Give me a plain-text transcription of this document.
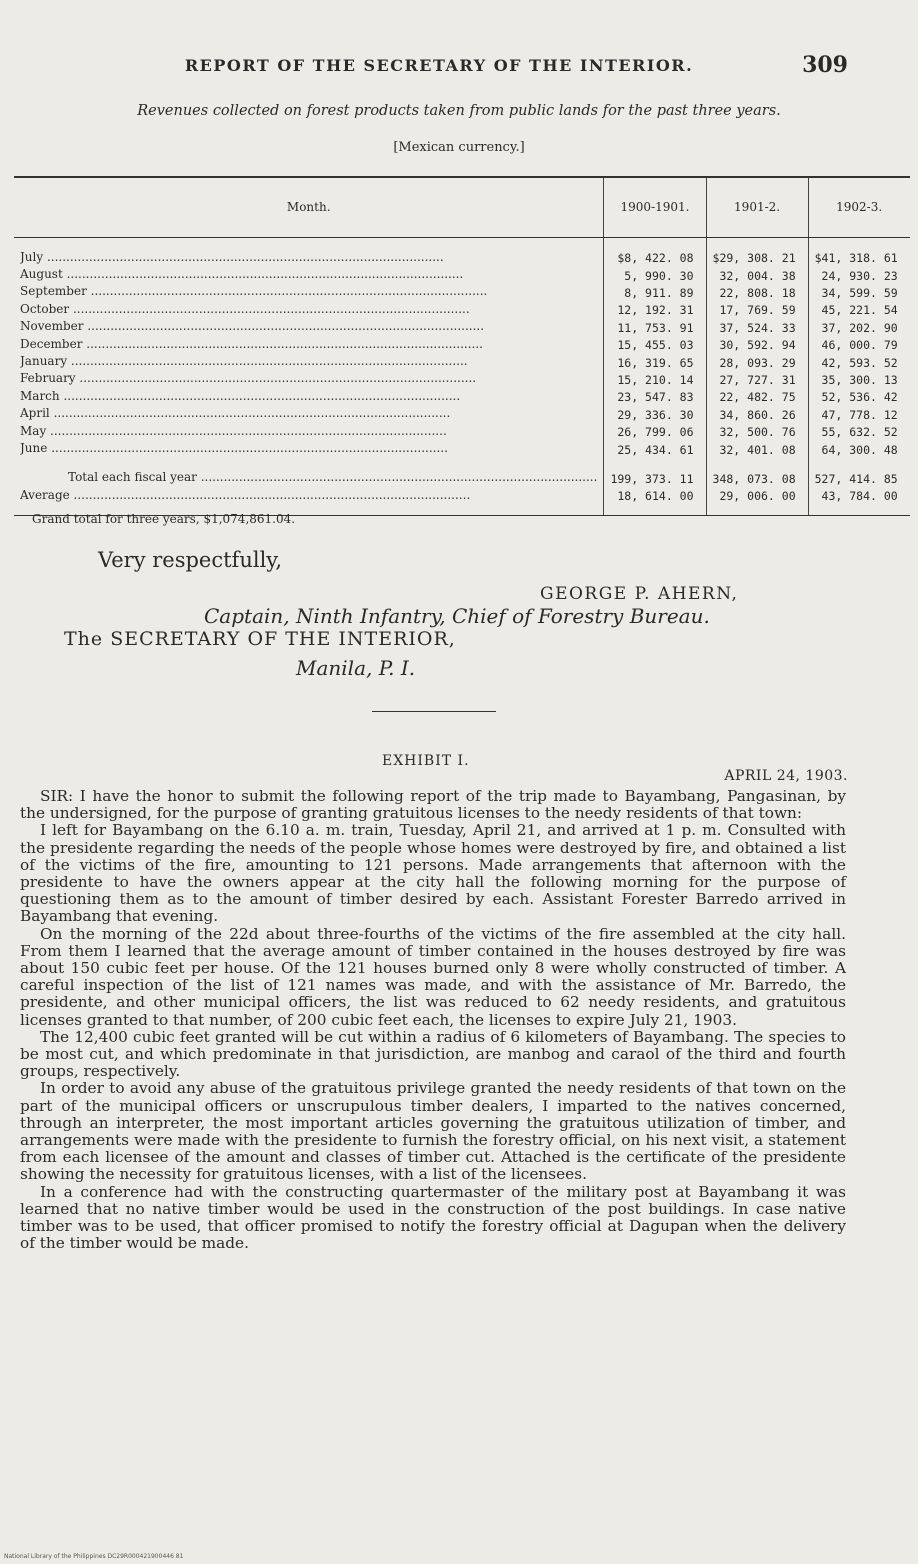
REPORT OF THE SECRETARY OF THE INTERIOR.	309
Revenues collected on forest products taken from public lands for the past three years.
[Mexican currency.]
Month.	1900-1901.	1901-2.	1902-3.

July .....	$8, 422. 08	$29, 308. 21	$41, 318. 61
August .....	5, 990. 30	32, 004. 38	24, 930. 23
September .....	8, 911. 89	22, 808. 18	34, 599. 59
October .....	12, 192. 31	17, 769. 59	45, 221. 54
November .....	11, 753. 91	37, 524. 33	37, 202. 90
December .....	15, 455. 03	30, 592. 94	46, 000. 79
January .....	16, 319. 65	28, 093. 29	42, 593. 52
February .....	15, 210. 14	27, 727. 31	35, 300. 13
March .....	23, 547. 83	22, 482. 75	52, 536. 42
April .....	29, 336. 30	34, 860. 26	47, 778. 12
May .....	26, 799. 06	32, 500. 76	55, 632. 52
June .....	25, 434. 61	32, 401. 08	64, 300. 48

Total each fiscal year .....	199, 373. 11	348, 073. 08	527, 414. 85
Average .....	18, 614. 00	29, 006. 00	43, 784. 00

Grand total for three years, $1,074,861.04.
Very respectfully,
GEORGE P. AHERN,
Captain, Ninth Infantry, Chief of Forestry Bureau.
The SECRETARY OF THE INTERIOR,
Manila, P. I.
EXHIBIT I.
APRIL 24, 1903.

SIR: I have the honor to submit the following report of the trip made to Bayambang, Pangasinan, by the undersigned, for the purpose of granting gratuitous licenses to the needy residents of that town:

I left for Bayambang on the 6.10 a. m. train, Tuesday, April 21, and arrived at 1 p. m. Consulted with the presidente regarding the needs of the people whose homes were destroyed by fire, and obtained a list of the victims of the fire, amounting to 121 persons. Made arrangements that afternoon with the presidente to have the owners appear at the city hall the following morning for the purpose of questioning them as to the amount of timber desired by each. Assistant Forester Barredo arrived in Bayambang that evening.

On the morning of the 22d about three-fourths of the victims of the fire assembled at the city hall. From them I learned that the average amount of timber contained in the houses destroyed by fire was about 150 cubic feet per house. Of the 121 houses burned only 8 were wholly constructed of timber. A careful inspection of the list of 121 names was made, and with the assistance of Mr. Barredo, the presidente, and other municipal officers, the list was reduced to 62 needy residents, and gratuitous licenses granted to that number, of 200 cubic feet each, the licenses to expire July 21, 1903.

The 12,400 cubic feet granted will be cut within a radius of 6 kilometers of Bayambang. The species to be most cut, and which predominate in that jurisdiction, are manbog and caraol of the third and fourth groups, respectively.

In order to avoid any abuse of the gratuitous privilege granted the needy residents of that town on the part of the municipal officers or unscrupulous timber dealers, I imparted to the natives concerned, through an interpreter, the most important articles governing the gratuitous utilization of timber, and arrangements were made with the presidente to furnish the forestry official, on his next visit, a statement from each licensee of the amount and classes of timber cut. Attached is the certificate of the presidente showing the necessity for gratuitous licenses, with a list of the licensees.

In a conference had with the constructing quartermaster of the military post at Bayambang it was learned that no native timber would be used in the construction of the post buildings. In case native timber was to be used, that officer promised to notify the forestry official at Dagupan when the delivery of the timber would be made.

National Library of the Philippines DC29R000421900446 81
